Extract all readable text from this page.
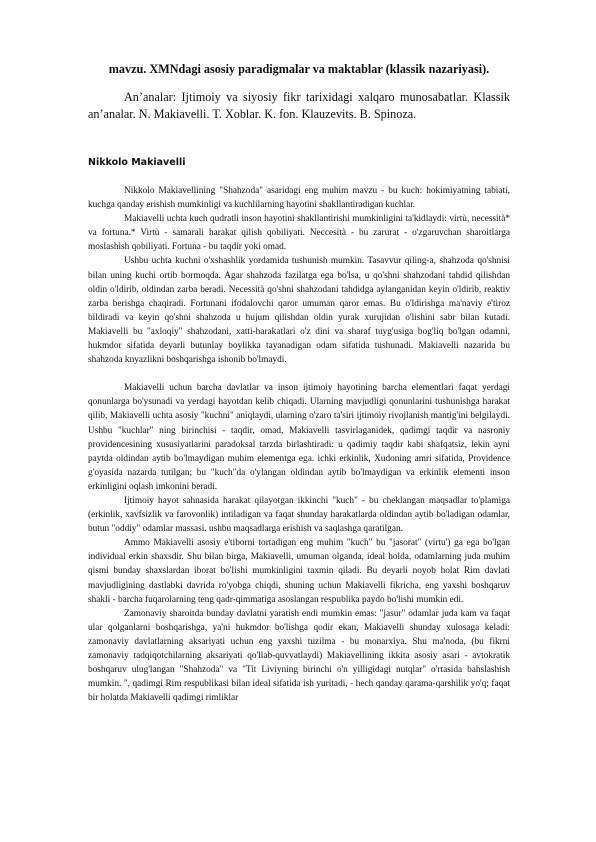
mavzu. XMNdagi asosiy paradigmalar va maktablar (klassik nazariyasi).

An’analar: Ijtimoiy va siyosiy fikr tarixidagi xalqaro munosabatlar. Klassik an’analar. N. Makiavelli. T. Xoblar. K. fon. Klauzevits. B. Spinoza.

Nikkolo Makiavelli

Nikkolo Makiavellining "Shahzoda" asaridagi eng muhim mavzu - bu kuch: hokimiyatning tabiati, kuchga qanday erishish mumkinligi va kuchlilarning hayotini shakllantiradigan kuchlar.

Makiavelli uchta kuch qudratli inson hayotini shakllantirishi mumkinligini ta'kidlaydi: virtù, necessità* va fortuna.* Virtù - samarali harakat qilish qobiliyati. Neccesità - bu zarurat - o'zgaruvchan sharoitlarga moslashish qobiliyati. Fortuna - bu taqdir yoki omad.

Ushbu uchta kuchni o'xshashlik yordamida tushunish mumkin. Tasavvur qiling-a, shahzoda qo'shnisi bilan uning kuchi ortib bormoqda. Agar shahzoda fazilatga ega bo'lsa, u qo'shni shahzodani tahdid qilishdan oldin o'ldirib, oldindan zarba beradi. Necessità qo'shni shahzodani tahdidga aylanganidan keyin o'ldirib, reaktiv zarba berishga chaqiradi. Fortunani ifodalovchi qaror umuman qaror emas. Bu o'ldirishga ma'naviy e'tiroz bildiradi va keyin qo'shni shahzoda u hujum qilishdan oldin yurak xurujidan o'lishini sabr bilan kutadi. Makiavelli bu "axloqiy" shahzodani, xatti-harakatlari o'z dini va sharaf tuyg'usiga bog'liq bo'lgan odamni, hukmdor sifatida deyarli butunlay boylikka tayanadigan odam sifatida tushunadi. Makiavelli nazarida bu shahzoda knyazlikni boshqarishga ishonib bo'lmaydi.

Makiavelli uchun barcha davlatlar va inson ijtimoiy hayotining barcha elementlari faqat yerdagi qonunlarga bo'ysunadi va yerdagi hayotdan kelib chiqadi. Ularning mavjudligi qonunlarini tushunishga harakat qilib, Makiavelli uchta asosiy "kuchni" aniqlaydi, ularning o'zaro ta'siri ijtimoiy rivojlanish mantig'ini belgilaydi. Ushbu "kuchlar" ning birinchisi - taqdir, omad, Makiavelli tasvirlaganidek, qadimgi taqdir va nasroniy providencesining xususiyatlarini paradoksal tarzda birlashtiradi: u qadimiy taqdir kabi shafqatsiz, lekin ayni paytda oldindan aytib bo'lmaydigan muhim elementga ega. ichki erkinlik, Xudoning amri sifatida, Providence g'oyasida nazarda tutilgan; bu "kuch"da o'ylangan oldindan aytib bo'lmaydigan va erkinlik elementi inson erkinligini oqlash imkonini beradi.

Ijtimoiy hayot sahnasida harakat qilayotgan ikkinchi "kuch" - bu cheklangan maqsadlar to'plamiga (erkinlik, xavfsizlik va farovonlik) intiladigan va faqat shunday harakatlarda oldindan aytib bo'ladigan odamlar, butun "oddiy" odamlar massasi. ushbu maqsadlarga erishish va saqlashga qaratilgan.

Ammo Makiavelli asosiy e'tiborni tortadigan eng muhim "kuch" bu "jasorat" (virtu') ga ega bo'lgan individual erkin shaxsdir. Shu bilan birga, Makiavelli, umuman olganda, ideal holda, odamlarning juda muhim qismi bunday shaxslardan iborat bo'lishi mumkinligini taxmin qiladi. Bu deyarli noyob holat Rim davlati mavjudligining dastlabki davrida ro'yobga chiqdi, shuning uchun Makiavelli fikricha, eng yaxshi boshqaruv shakli - barcha fuqarolarning teng qadr-qimmatiga asoslangan respublika paydo bo'lishi mumkin edi.

Zamonaviy sharoitda bunday davlatni yaratish endi mumkin emas: "jasur" odamlar juda kam va faqat ular qolganlarni boshqarishga, ya'ni hukmdor bo'lishga qodir ekan, Makiavelli shunday xulosaga keladi: zamonaviy davlatlarning aksariyati uchun eng yaxshi tuzilma - bu monarxiya. Shu ma'noda, (bu fikrni zamonaviy tadqiqotchilarning aksariyati qo'llab-quvvatlaydi) Makiavellining ikkita asosiy asari - avtokratik boshqaruv ulug'langan "Shahzoda" va "Tit Liviyning birinchi o'n yilligidagi nutqlar" o'rtasida bahslashish mumkin. ", qadimgi Rim respublikasi bilan ideal sifatida ish yuritadi, - hech qanday qarama-qarshilik yo'q; faqat bir holatda Makiavelli qadimgi rimliklar
